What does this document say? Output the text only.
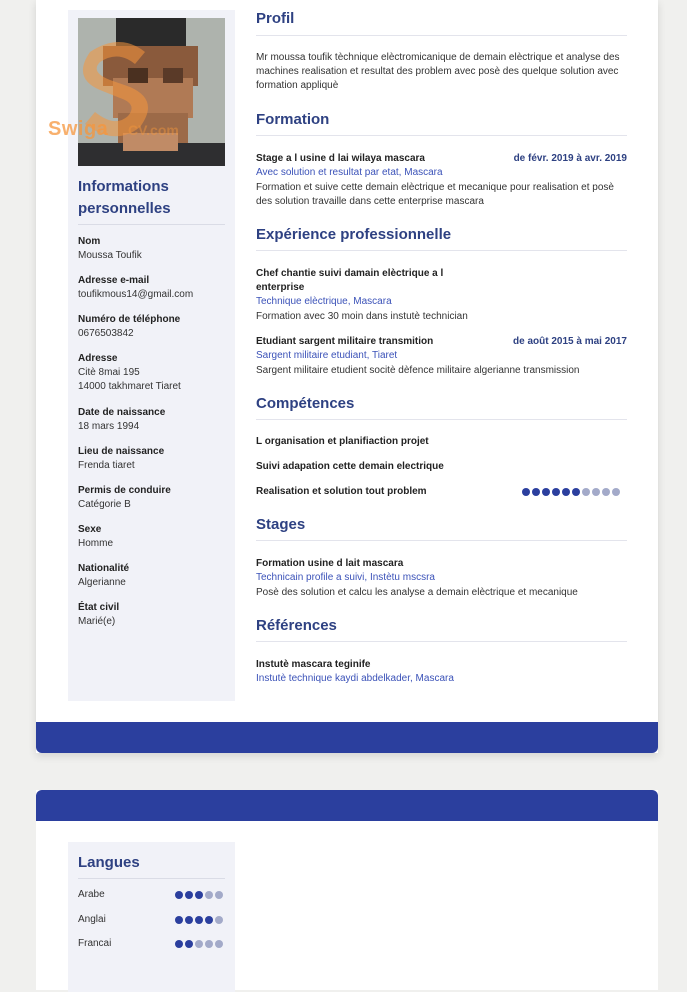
Swiga CV.com
Informations personnelles
Nom
Moussa Toufik
Adresse e-mail
toufikmous14@gmail.com
Numéro de téléphone
0676503842
Adresse
Citè 8mai 195
14000 takhmaret Tiaret
Date de naissance
18 mars 1994
Lieu de naissance
Frenda tiaret
Permis de conduire
Catégorie B
Sexe
Homme
Nationalité
Algerianne
État civil
Marié(e)
Profil
Mr moussa toufik tèchnique elèctromicanique de demain elèctrique et analyse des machines realisation et resultat des problem avec posè des quelque solution avec formation appliquè
Formation
Stage a l usine d lai wilaya mascara	de févr. 2019 à avr. 2019
Avec solution et resultat par etat, Mascara
Formation et suive cette demain elèctrique et mecanique pour realisation et posè des solution travaille dans cette enterprise mascara
Expérience professionnelle
Chef chantie suivi damain elèctrique a l enterprise
Technique elèctrique, Mascara
Formation avec 30 moin dans instutè technician
Etudiant sargent militaire transmition	de août 2015 à mai 2017
Sargent militaire etudiant, Tiaret
Sargent militaire etudient socitè dèfence militaire algerianne transmission
Compétences
L organisation et planifiaction projet
Suivi adapation cette demain electrique
Realisation et solution tout problem
Stages
Formation usine d lait mascara
Technicain profile a suivi, Instètu mscsra
Posè des solution et calcu les analyse a demain elèctrique et mecanique
Références
Instutè mascara teginife
Instutè technique kaydi abdelkader, Mascara
Langues
Arabe
Anglai
Francai
